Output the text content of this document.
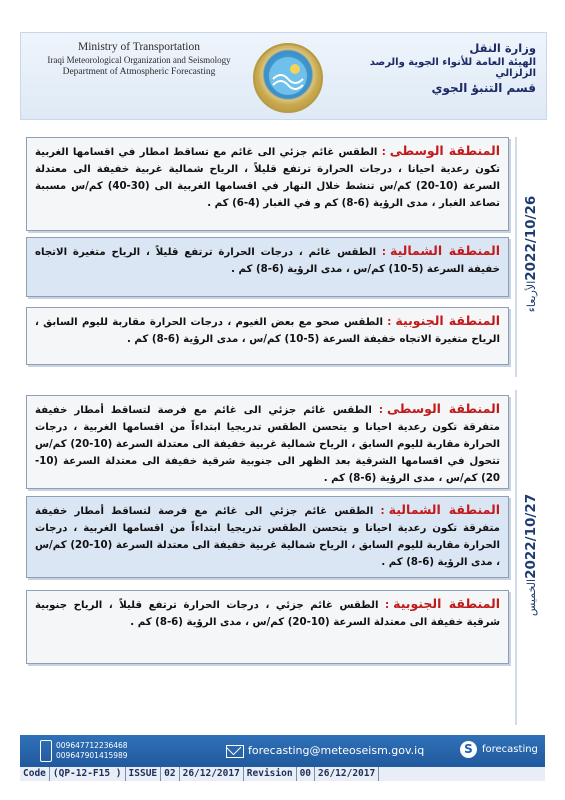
Ministry of Transportation
Iraqi Meteorological Organization and Seismology
Department of Atmospheric Forecasting
وزارة النقل
الهيئة العامة للأنواء الجوية والرصد الزلزالي
قسم التنبؤ الجوي
2022/10/26الأربعاء
المنطقة الوسطى: الطقس غائم جزئي الى غائم مع تساقط امطار في اقسامها الغربية تكون رعدية احيانا ، درجات الحرارة ترتفع قليلاً ، الرياح شمالية غربية خفيفة الى معتدلة السرعة (10-20) كم/س تنشط خلال النهار في اقسامها الغربية الى (30-40) كم/س مسببة تصاعد الغبار ، مدى الرؤية (6-8) كم و في الغبار (4-6) كم .
المنطقة الشمالية: الطقس غائم ، درجات الحرارة ترتفع قليلاً ، الرياح متغيرة الاتجاه خفيفة السرعة (5-10) كم/س ، مدى الرؤية (6-8) كم .
المنطقة الجنوبية: الطقس صحو مع بعض الغيوم ، درجات الحرارة مقاربة لليوم السابق ، الرياح متغيرة الاتجاه خفيفة السرعة (5-10) كم/س ، مدى الرؤية (6-8) كم .
2022/10/27الخميس
المنطقة الوسطى: الطقس غائم جزئي الى غائم مع فرصة لتساقط أمطار خفيفة متفرقة تكون رعدية احيانا و يتحسن الطقس تدريجيا ابتداءاً من اقسامها الغربية ، درجات الحرارة مقاربة لليوم السابق ، الرياح شمالية غربية خفيفة الى معتدلة السرعة (10-20) كم/س تتحول في اقسامها الشرقية بعد الظهر الى جنوبية شرقية خفيفة الى معتدلة السرعة (10-20) كم/س ، مدى الرؤية (6-8) كم .
المنطقة الشمالية: الطقس غائم جزئي الى غائم مع فرصة لتساقط أمطار خفيفة متفرقة تكون رعدية احيانا و يتحسن الطقس تدريجيا ابتداءاً من اقسامها الغربية ، درجات الحرارة مقاربة لليوم السابق ، الرياح شمالية غربية خفيفة الى معتدلة السرعة (10-20) كم/س ، مدى الرؤية (6-8) كم .
المنطقة الجنوبية: الطقس غائم جزئي ، درجات الحرارة ترتفع قليلاً ، الرياح جنوبية شرقية خفيفة الى معتدلة السرعة (10-20) كم/س ، مدى الرؤية (6-8) كم .
009647712236468
009647901415989	forecasting@meteoseism.gov.iq	S forecasting
Code (QP-12-F15 ) ISSUE 02 26/12/2017 Revision 00 26/12/2017
